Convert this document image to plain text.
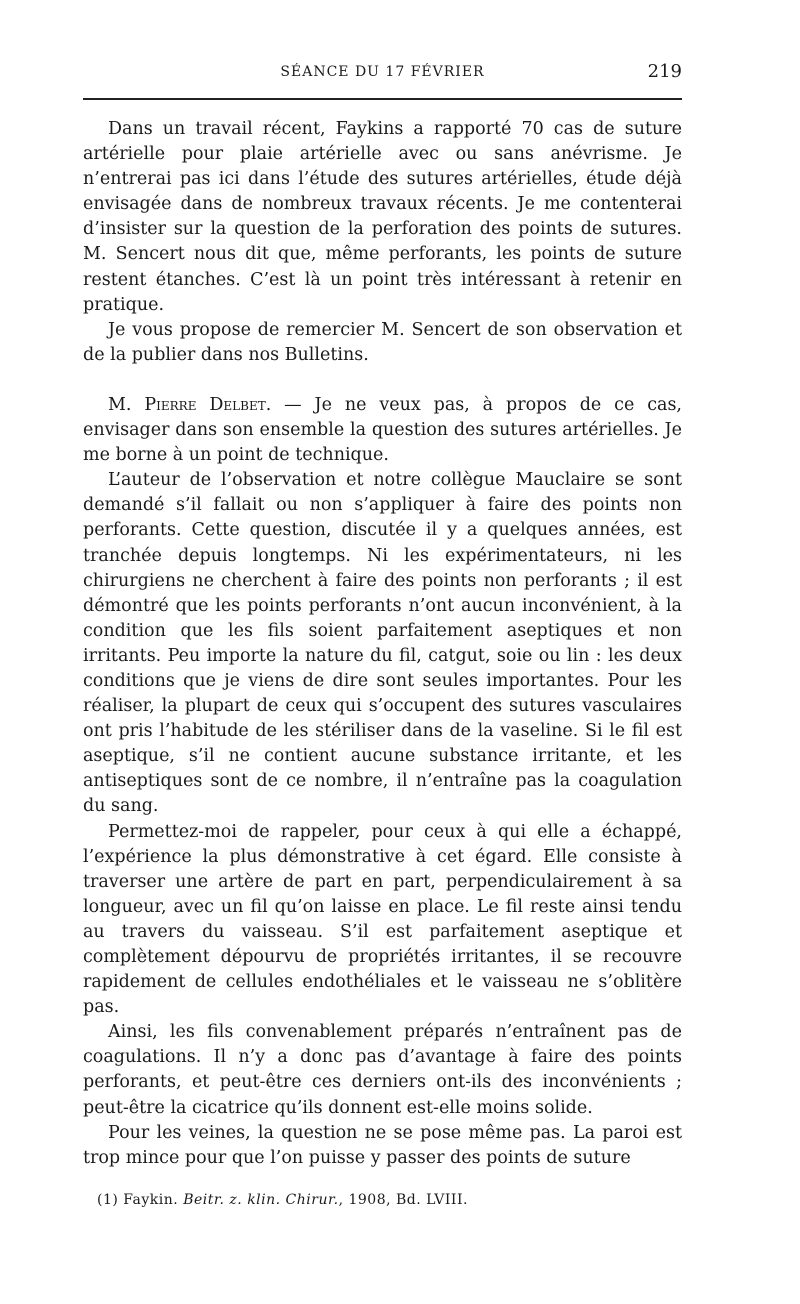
SÉANCE DU 17 FÉVRIER	219

Dans un travail récent, Faykins a rapporté 70 cas de suture artérielle pour plaie artérielle avec ou sans anévrisme. Je n’entrerai pas ici dans l’étude des sutures artérielles, étude déjà envisagée dans de nombreux travaux récents. Je me contenterai d’insister sur la question de la perforation des points de sutures. M. Sencert nous dit que, même perforants, les points de suture restent étanches. C’est là un point très intéressant à retenir en pratique.

Je vous propose de remercier M. Sencert de son observation et de la publier dans nos Bulletins.

M. Pierre Delbet. — Je ne veux pas, à propos de ce cas, envisager dans son ensemble la question des sutures artérielles. Je me borne à un point de technique.

L’auteur de l’observation et notre collègue Mauclaire se sont demandé s’il fallait ou non s’appliquer à faire des points non perforants. Cette question, discutée il y a quelques années, est tranchée depuis longtemps. Ni les expérimentateurs, ni les chirurgiens ne cherchent à faire des points non perforants ; il est démontré que les points perforants n’ont aucun inconvénient, à la condition que les fils soient parfaitement aseptiques et non irritants. Peu importe la nature du fil, catgut, soie ou lin : les deux conditions que je viens de dire sont seules importantes. Pour les réaliser, la plupart de ceux qui s’occupent des sutures vasculaires ont pris l’habitude de les stériliser dans de la vaseline. Si le fil est aseptique, s’il ne contient aucune substance irritante, et les antiseptiques sont de ce nombre, il n’entraîne pas la coagulation du sang.

Permettez-moi de rappeler, pour ceux à qui elle a échappé, l’expérience la plus démonstrative à cet égard. Elle consiste à traverser une artère de part en part, perpendiculairement à sa longueur, avec un fil qu’on laisse en place. Le fil reste ainsi tendu au travers du vaisseau. S’il est parfaitement aseptique et complètement dépourvu de propriétés irritantes, il se recouvre rapidement de cellules endothéliales et le vaisseau ne s’oblitère pas.

Ainsi, les fils convenablement préparés n’entraînent pas de coagulations. Il n’y a donc pas d’avantage à faire des points perforants, et peut-être ces derniers ont-ils des inconvénients ; peut-être la cicatrice qu’ils donnent est-elle moins solide.

Pour les veines, la question ne se pose même pas. La paroi est trop mince pour que l’on puisse y passer des points de suture

(1) Faykin. Beitr. z. klin. Chirur., 1908, Bd. LVIII.
